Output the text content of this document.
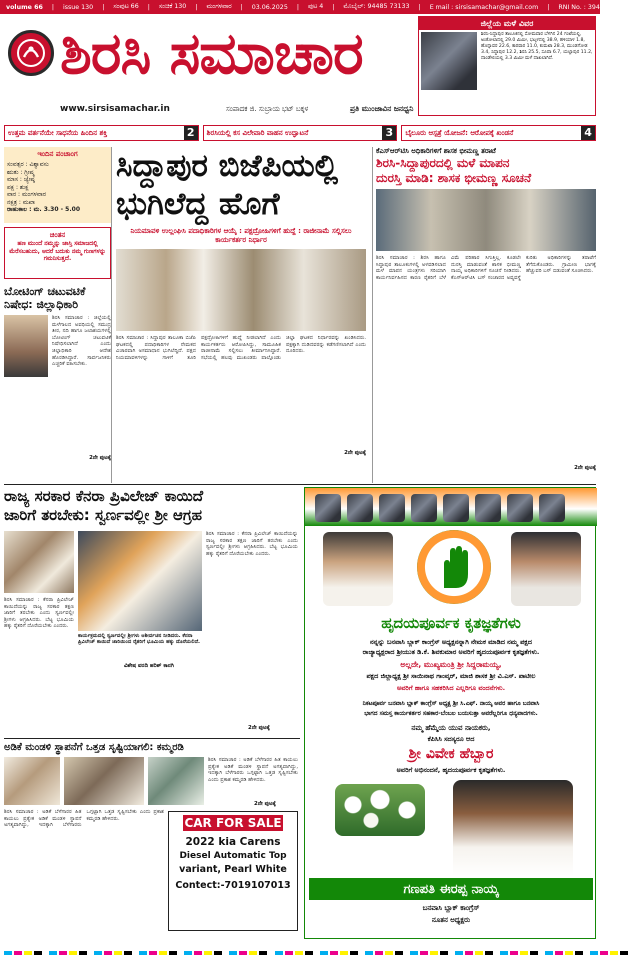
volume 66 | issue 130 | ಸಂಪುಟ 66 | ಸಂಚಿಕೆ 130 | ಮಂಗಳವಾರ | 03.06.2025 | ಪುಟ 4 | ಮೊಬೈಲ್: 94485 73133 | E mail : sirsisamachar@gmail.com | RNI No. : 3940/58 ₹ 3
ಶಿರಸಿ ಸಮಾಚಾರ
www.sirsisamachar.in	ಸಂಪಾದಕ ಜಿ. ಸುಬ್ರಾಯ ಭಟ್ ಬಕ್ಕಳ	ಪ್ರತಿ ಮುಂಜಾವಿನ ಜನಧ್ವನಿ
ಜಿಲ್ಲೆಯ ಮಳೆ ವಿವರ
ಶಿರಸಿ-ಸಿದ್ದಾಪುರ ತಾಲೂಕಿನಲ್ಲಿ ಸೋಮವಾರ ಬೆಳಗಿನ 24 ಗಂಟೆಯಲ್ಲಿ, ಅಂಕೋಲಾದಲ್ಲಿ 29.0 ಮಿಮೀ, ಭಟ್ಕಳದಲ್ಲಿ 38.9, ಹಳಿಯಾಳ 1.8, ಹೊನ್ನಾವರ 22.6, ಕಾರವಾರ 11.0, ಕುಮಟಾ 28.3, ಮುಂಡಗೋಡ 3.4, ಸಿದ್ದಾಪುರ 12.2, ಶಿರಸಿ 25.5, ಸೂಪಾ 6.7, ಯಲ್ಲಾಪುರ 11.2, ದಾಂಡೇಲಿಯಲ್ಲಿ 3.3 ಮಿಮೀ ಮಳೆ ದಾಖಲಾಗಿದೆ.
ಉತ್ತಮ ವರ್ತನೆಯೇ ಸಾಧನೆಯ ಹಿಂದಿನ ಶಕ್ತಿ	2	ಶಿರಸಿಯಲ್ಲಿ ಕಸ ವಿಲೇವಾರಿ ವಾಹನ ಉದ್ಘಾಟನೆ	3	ಬೈಲೂರು ಆಸ್ಪತ್ರೆ ಯೋಜನೆ: ಆರೋಪಕ್ಕೆ ಖಂಡನೆ	4
ಇಂದಿನ ಪಂಚಾಂಗ
ಸಂವತ್ಸರ : ವಿಶ್ವಾವಸು
ಋತು : ಗ್ರೀಷ್ಮ
ಮಾಸ : ಜ್ಯೇಷ್ಠ
ಪಕ್ಷ : ಶುಕ್ಲ
ವಾರ : ಮಂಗಳವಾರ
ನಕ್ಷತ್ರ : ಮಖಾ
ರಾಹುಕಾಲ : ಮ. 3.30 - 5.00
ಚಿಂತನ
ಹಣ ಮುಂದೆ ನಮ್ಮನ್ನು ಜಾಸ್ತಿ ಸಮಾಜದಲ್ಲಿ ಮೆರೆಸಬಹುದು, ಆದರೆ ಬದುಕು ನಮ್ಮ ಗುಣಗಳನ್ನು ಗಮನಿಸುತ್ತದೆ.
ಬೋಟಿಂಗ್ ಚಟುವಟಿಕೆ ನಿಷೇಧ: ಜಿಲ್ಲಾಧಿಕಾರಿ
ಶಿರಸಿ ಸಮಾಚಾರ : ಜಿಲ್ಲೆಯಲ್ಲಿ ಮಳೆಗಾಲದ ಅವಧಿಯಲ್ಲಿ ಸಮುದ್ರ ತೀರ, ನದಿ ಹಾಗೂ ಜಲಾಶಯಗಳಲ್ಲಿ ಬೋಟಿಂಗ್ ಚಟುವಟಿಕೆ ನಿಷೇಧಿಸಲಾಗಿದೆ ಎಂದು ಜಿಲ್ಲಾಧಿಕಾರಿ ಆದೇಶ ಹೊರಡಿಸಿದ್ದಾರೆ. ಸಾರ್ವಜನಿಕರು ಎಚ್ಚರಿಕೆ ವಹಿಸಬೇಕು.
2ನೇ ಪುಟಕ್ಕೆ
ಸಿದ್ದಾಪುರ ಬಿಜೆಪಿಯಲ್ಲಿ
ಭುಗಿಲೆದ್ದ ಹೊಗೆ
ನಿಯಮಾವಳಿ ಉಲ್ಲಂಘಿಸಿ ಪದಾಧಿಕಾರಿಗಳ ಆಯ್ಕೆ : ಪಕ್ಷದ್ರೋಹಿಗಳಿಗೆ ಹುದ್ದೆ : ರಾಜೀನಾಮೆ ಸಲ್ಲಿಸಲು ಕಾರ್ಯಕರ್ತರ ನಿರ್ಧಾರ
ಶಿರಸಿ ಸಮಾಚಾರ : ಸಿದ್ದಾಪುರ ತಾಲೂಕಾ ಬಿಜೆಪಿ ಘಟಕದಲ್ಲಿ ಪದಾಧಿಕಾರಿಗಳ ನೇಮಕದ ವಿಚಾರವಾಗಿ ಅಸಮಾಧಾನ ಭುಗಿಲೆದ್ದಿದೆ. ಪಕ್ಷದ ನಿಯಮಾವಳಿಗಳನ್ನು ಗಾಳಿಗೆ ತೂರಿ ಪಕ್ಷದ್ರೋಹಿಗಳಿಗೆ ಹುದ್ದೆ ನೀಡಲಾಗಿದೆ ಎಂದು ಕಾರ್ಯಕರ್ತರು ಆರೋಪಿಸಿದ್ದು, ಸಾಮೂಹಿಕ ರಾಜೀನಾಮೆ ಸಲ್ಲಿಸಲು ತೀರ್ಮಾನಿಸಿದ್ದಾರೆ. ಸಭೆಯಲ್ಲಿ ಹಲವು ಮುಖಂಡರು ಪಾಲ್ಗೊಂಡು ಜಿಲ್ಲಾ ಘಟಕದ ನಿರ್ಧಾರವನ್ನು ಖಂಡಿಸಿದರು. ಪಕ್ಷಕ್ಕಾಗಿ ದುಡಿದವರನ್ನು ಕಡೆಗಣಿಸಲಾಗಿದೆ ಎಂದು ದೂರಿದರು.
2ನೇ ಪುಟಕ್ಕೆ
ಕೆಎಸ್‌ಆರ್‌ಟಿಸಿ ಅಧಿಕಾರಿಗಳಿಗೆ ಶಾಸಕ ಭೀಮಣ್ಣ ತರಾಟೆ
ಶಿರಸಿ-ಸಿದ್ದಾಪುರದಲ್ಲಿ ಮಳೆ ಮಾಪನ
ದುರಸ್ತಿ ಮಾಡಿ: ಶಾಸಕ ಭೀಮಣ್ಣ ಸೂಚನೆ
ಶಿರಸಿ ಸಮಾಚಾರ : ಶಿರಸಿ ಹಾಗೂ ಸಿದ್ದಾಪುರ ತಾಲೂಕುಗಳಲ್ಲಿ ಅಳವಡಿಸಲಾದ ಮಳೆ ಮಾಪನ ಯಂತ್ರಗಳು ಸರಿಯಾಗಿ ಕಾರ್ಯನಿರ್ವಹಿಸದ ಕಾರಣ ರೈತರಿಗೆ ಬೆಳೆ ವಿಮೆ ಪರಿಹಾರ ಸಿಗುತ್ತಿಲ್ಲ. ಕೂಡಲೇ ದುರಸ್ತಿ ಮಾಡುವಂತೆ ಶಾಸಕ ಭೀಮಣ್ಣ ನಾಯ್ಕ ಅಧಿಕಾರಿಗಳಿಗೆ ಸೂಚನೆ ನೀಡಿದರು. ಕೆಎಸ್‌ಆರ್‌ಟಿಸಿ ಬಸ್ ಸಂಚಾರದ ಅವ್ಯವಸ್ಥೆ ಕುರಿತು ಅಧಿಕಾರಿಗಳನ್ನು ತರಾಟೆಗೆ ತೆಗೆದುಕೊಂಡರು. ಗ್ರಾಮೀಣ ಭಾಗಕ್ಕೆ ಹೆಚ್ಚುವರಿ ಬಸ್ ಬಿಡುವಂತೆ ಸೂಚಿಸಿದರು.
2ನೇ ಪುಟಕ್ಕೆ
ರಾಜ್ಯ ಸರಕಾರ ಕೆನರಾ ಪ್ರಿವಿಲೇಜ್ ಕಾಯಿದೆ
ಜಾರಿಗೆ ತರಬೇಕು: ಸ್ವರ್ಣವಲ್ಲೀ ಶ್ರೀ ಆಗ್ರಹ
ಕಾರ್ಯಕ್ರಮದಲ್ಲಿ ಸ್ವರ್ಣವಲ್ಲೀ ಶ್ರೀಗಳು ಆಶೀರ್ವಚನ ನೀಡಿದರು. ಕೆನರಾ ಪ್ರಿವಿಲೇಜ್ ಕಾಯಿದೆ ಜಾರಿಯಿಂದ ರೈತರಿಗೆ ಭೂಮಿಯ ಹಕ್ಕು ದೊರೆಯಲಿದೆ.
ವಿಶೇಷ ವರದಿ ಹರಿಶ್ ಕಾನಗಿ
ಶಿರಸಿ ಸಮಾಚಾರ : ಕೆನರಾ ಪ್ರಿವಿಲೇಜ್ ಕಾಯಿದೆಯನ್ನು ರಾಜ್ಯ ಸರಕಾರ ತಕ್ಷಣ ಜಾರಿಗೆ ತರಬೇಕು ಎಂದು ಸ್ವರ್ಣವಲ್ಲೀ ಶ್ರೀಗಳು ಆಗ್ರಹಿಸಿದರು. ಬೆಟ್ಟ ಭೂಮಿಯ ಹಕ್ಕು ರೈತರಿಗೆ ದೊರೆಯಬೇಕು ಎಂದರು.
ಶಿರಸಿ ಸಮಾಚಾರ : ಕೆನರಾ ಪ್ರಿವಿಲೇಜ್ ಕಾಯಿದೆಯನ್ನು ರಾಜ್ಯ ಸರಕಾರ ತಕ್ಷಣ ಜಾರಿಗೆ ತರಬೇಕು ಎಂದು ಸ್ವರ್ಣವಲ್ಲೀ ಶ್ರೀಗಳು ಆಗ್ರಹಿಸಿದರು. ಬೆಟ್ಟ ಭೂಮಿಯ ಹಕ್ಕು ರೈತರಿಗೆ ದೊರೆಯಬೇಕು ಎಂದರು.
2ನೇ ಪುಟಕ್ಕೆ
ಅಡಿಕೆ ಮಂಡಳಿ ಸ್ಥಾಪನೆಗೆ ಒತ್ತಡ ಸೃಷ್ಟಿಯಾಗಲಿ: ಕಮ್ಮರಡಿ
ಶಿರಸಿ ಸಮಾಚಾರ : ಅಡಿಕೆ ಬೆಳೆಗಾರರ ಹಿತ ಕಾಯಲು ಪ್ರತ್ಯೇಕ ಅಡಿಕೆ ಮಂಡಳಿ ಸ್ಥಾಪನೆ ಅಗತ್ಯವಾಗಿದ್ದು, ಇದಕ್ಕಾಗಿ ಬೆಳೆಗಾರರು ಒಗ್ಗಟ್ಟಾಗಿ ಒತ್ತಡ ಸೃಷ್ಟಿಸಬೇಕು ಎಂದು ಪ್ರಕಾಶ ಕಮ್ಮರಡಿ ಹೇಳಿದರು.
ಶಿರಸಿ ಸಮಾಚಾರ : ಅಡಿಕೆ ಬೆಳೆಗಾರರ ಹಿತ ಕಾಯಲು ಪ್ರತ್ಯೇಕ ಅಡಿಕೆ ಮಂಡಳಿ ಸ್ಥಾಪನೆ ಅಗತ್ಯವಾಗಿದ್ದು, ಇದಕ್ಕಾಗಿ ಬೆಳೆಗಾರರು ಒಗ್ಗಟ್ಟಾಗಿ ಒತ್ತಡ ಸೃಷ್ಟಿಸಬೇಕು ಎಂದು ಪ್ರಕಾಶ ಕಮ್ಮರಡಿ ಹೇಳಿದರು.
2ನೇ ಪುಟಕ್ಕೆ
CAR FOR SALE
2022 kia Carens
Diesel Automatic Top
variant, Pearl White
Contect:-7019107013
ಹೃದಯಪೂರ್ವಕ ಕೃತಜ್ಞತೆಗಳು
ನನ್ನನ್ನು ಬನವಾಸಿ ಬ್ಲಾಕ್ ಕಾಂಗ್ರೆಸ್ ಅಧ್ಯಕ್ಷನನ್ನಾಗಿ ನೇಮಕ ಮಾಡಿದ ನಮ್ಮ ಪಕ್ಷದ
ರಾಜ್ಯಾಧ್ಯಕ್ಷರಾದ ಶ್ರೀಯುತ ಡಿ.ಕೆ. ಶಿವಕುಮಾರ ಅವರಿಗೆ ಹೃದಯಪೂರ್ವಕ ಕೃತಜ್ಞತೆಗಳು.
ಅಲ್ಲದೇ, ಮುಖ್ಯಮಂತ್ರಿ ಶ್ರೀ ಸಿದ್ದರಾಮಯ್ಯ,
ಪಕ್ಷದ ಜಿಲ್ಲಾಧ್ಯಕ್ಷ ಶ್ರೀ ಸಾಯಿನಾಥ ಗಾಂವ್ಕರ್, ಮಾಜಿ ಶಾಸಕ ಶ್ರೀ ವಿ.ಎಸ್. ಪಾಟೀಲ
ಅವರಿಗೆ ಹಾಗೂ ಸಹಕರಿಸಿದ ಎಲ್ಲರಿಗೂ ವಂದನೆಗಳು.
ನಿಕಟಪೂರ್ವ ಬನವಾಸಿ ಬ್ಲಾಕ್ ಕಾಂಗ್ರೆಸ್ ಅಧ್ಯಕ್ಷ ಶ್ರೀ ಸಿ.ಎಫ್. ನಾಯ್ಕ ಅವರ ಹಾಗೂ ಬನವಾಸಿ
ಭಾಗದ ಸಮಸ್ತ ಕಾರ್ಯಕರ್ತರ ಸಹಕಾರ-ಬೆಂಬಲ ಬಯಸುತ್ತಾ ಅವರೆಲ್ಲರಿಗೂ ಧನ್ಯವಾದಗಳು.
ನಮ್ಮ ಹೆಮ್ಮೆಯ ಯುವ ನಾಯಕರು,
ಕೆಪಿಸಿಸಿ ಸದಸ್ಯರೂ ಆದ
ಶ್ರೀ ವಿವೇಕ ಹೆಬ್ಬಾರ
ಅವರಿಗೆ ಅಭಿನಂದನೆ, ಹೃದಯಪೂರ್ವಕ ಕೃತಜ್ಞತೆಗಳು.
ಗಣಪತಿ ಈರಪ್ಪ ನಾಯ್ಕ
ಬನವಾಸಿ ಬ್ಲಾಕ್ ಕಾಂಗ್ರೆಸ್
ನೂತನ ಅಧ್ಯಕ್ಷರು
